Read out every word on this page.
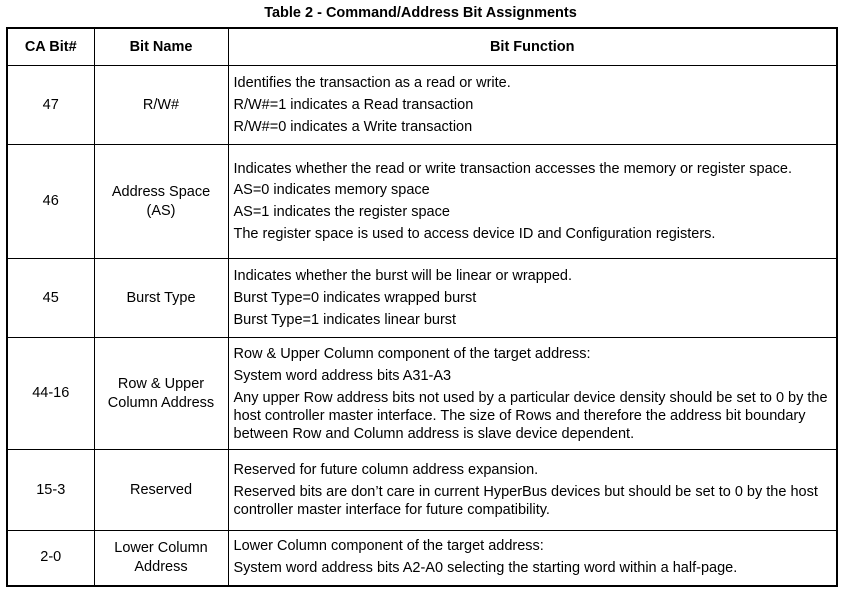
Table 2 - Command/Address Bit Assignments
CA Bit#	Bit Name	Bit Function
47	R/W#	Identifies the transaction as a read or write.
R/W#=1 indicates a Read transaction
R/W#=0 indicates a Write transaction

46	Address Space (AS)	Indicates whether the read or write transaction accesses the memory or register space.
AS=0 indicates memory space
AS=1 indicates the register space
The register space is used to access device ID and Configuration registers.

45	Burst Type	Indicates whether the burst will be linear or wrapped.
Burst Type=0 indicates wrapped burst
Burst Type=1 indicates linear burst

44-16	Row & Upper Column Address	Row & Upper Column component of the target address:
System word address bits A31-A3
Any upper Row address bits not used by a particular device density should be set to 0 by the host controller master interface. The size of Rows and therefore the address bit boundary between Row and Column address is slave device dependent.

15-3	Reserved	Reserved for future column address expansion.
Reserved bits are don’t care in current HyperBus devices but should be set to 0 by the host controller master interface for future compatibility.

2-0	Lower Column Address	Lower Column component of the target address:
System word address bits A2-A0 selecting the starting word within a half-page.
